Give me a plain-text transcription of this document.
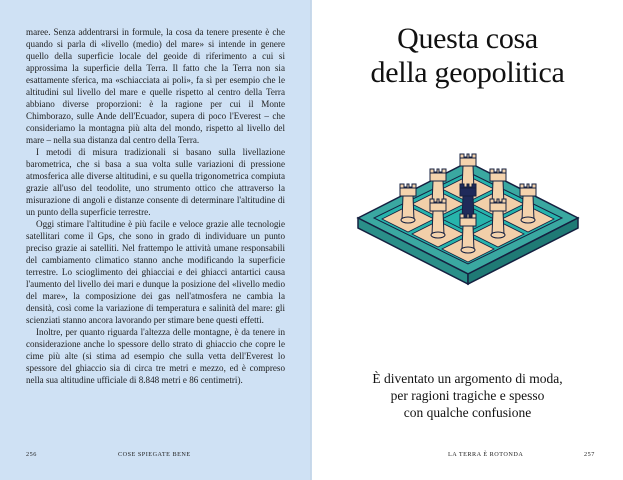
maree. Senza addentrarsi in formule, la cosa da tenere presente è che quando si parla di «livello (medio) del mare» si intende in genere quello della superficie locale del geoide di riferimento a cui si approssima la superficie della Terra. Il fatto che la Terra non sia esattamente sferica, ma «schiacciata ai poli», fa sì per esempio che le altitudini sul livello del mare e quelle rispetto al centro della Terra abbiano diverse proporzioni: è la ragione per cui il Monte Chimborazo, sulle Ande dell'Ecuador, supera di poco l'Everest – che consideriamo la montagna più alta del mondo, rispetto al livello del mare – nella sua distanza dal centro della Terra.

I metodi di misura tradizionali si basano sulla livellazione barometrica, che si basa a sua volta sulle variazioni di pressione atmosferica alle diverse altitudini, e su quella trigonometrica compiuta grazie all'uso del teodolite, uno strumento ottico che attraverso la misurazione di angoli e distanze consente di determinare l'altitudine di un punto della superficie terrestre.

Oggi stimare l'altitudine è più facile e veloce grazie alle tecnologie satellitari come il Gps, che sono in grado di individuare un punto preciso grazie ai satelliti. Nel frattempo le attività umane responsabili del cambiamento climatico stanno anche modificando la superficie terrestre. Lo scioglimento dei ghiacciai e dei ghiacci antartici causa l'aumento del livello dei mari e dunque la posizione del «livello medio del mare», la composizione dei gas nell'atmosfera ne cambia la densità, così come la variazione di temperatura e salinità del mare: gli scienziati stanno ancora lavorando per stimare bene questi effetti.

Inoltre, per quanto riguarda l'altezza delle montagne, è da tenere in considerazione anche lo spessore dello strato di ghiaccio che copre le cime più alte (si stima ad esempio che sulla vetta dell'Everest lo spessore del ghiaccio sia di circa tre metri e mezzo, ed è compreso nella sua altitudine ufficiale di 8.848 metri e 86 centimetri).

256	COSE SPIEGATE BENE
Questa cosa
della geopolitica
È diventato un argomento di moda,
per ragioni tragiche e spesso
con qualche confusione
LA TERRA È ROTONDA	257
